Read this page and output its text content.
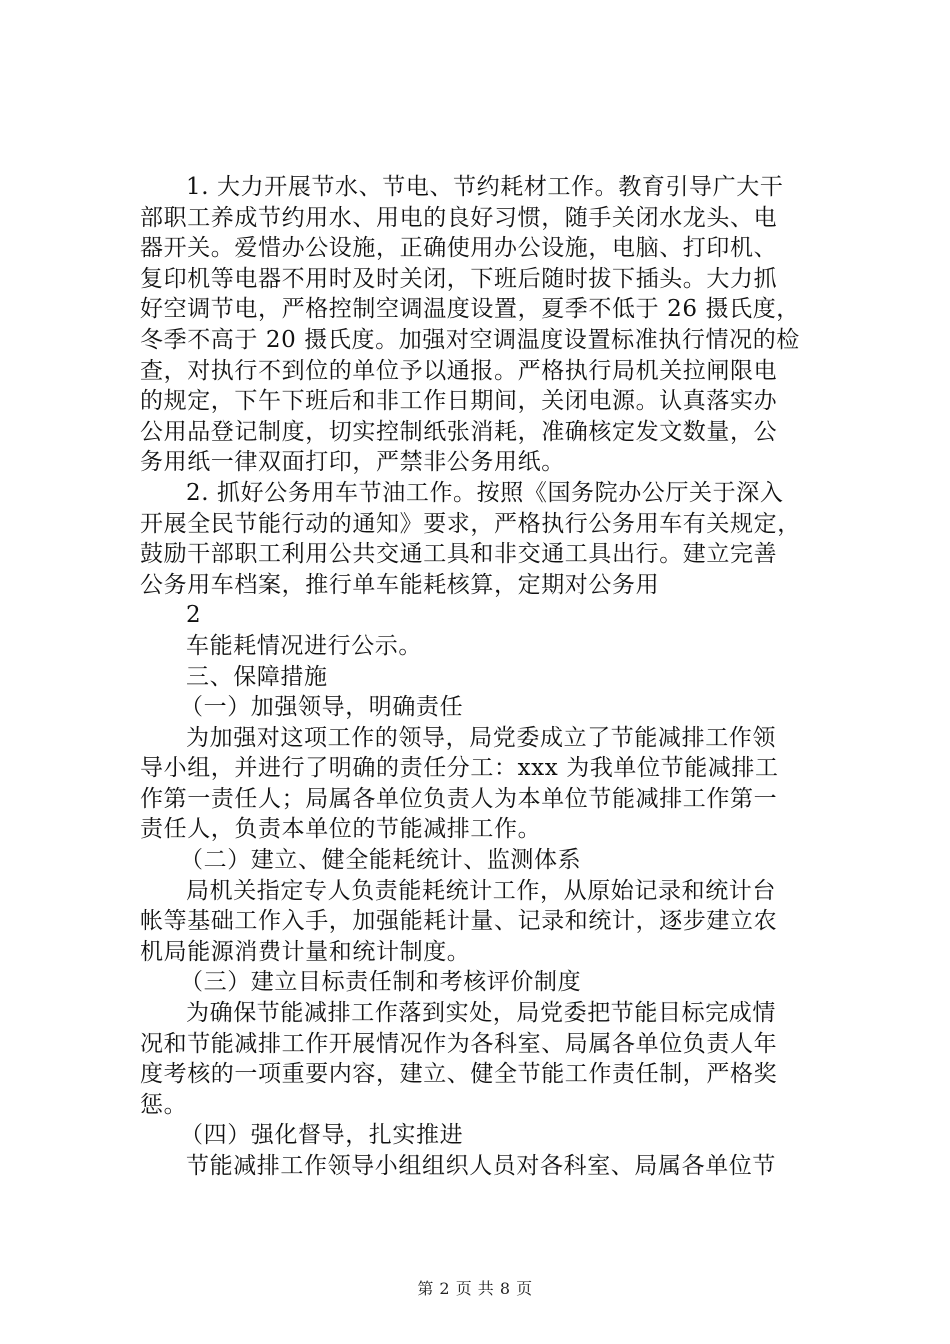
1. 大力开展节水、节电、节约耗材工作。教育引导广大干
部职工养成节约用水、用电的良好习惯，随手关闭水龙头、电
器开关。爱惜办公设施，正确使用办公设施，电脑、打印机、
复印机等电器不用时及时关闭，下班后随时拔下插头。大力抓
好空调节电，严格控制空调温度设置，夏季不低于 26 摄氏度，
冬季不高于 20 摄氏度。加强对空调温度设置标准执行情况的检
查，对执行不到位的单位予以通报。严格执行局机关拉闸限电
的规定，下午下班后和非工作日期间，关闭电源。认真落实办
公用品登记制度，切实控制纸张消耗，准确核定发文数量，公
务用纸一律双面打印，严禁非公务用纸。
2. 抓好公务用车节油工作。按照《国务院办公厅关于深入
开展全民节能行动的通知》要求，严格执行公务用车有关规定，
鼓励干部职工利用公共交通工具和非交通工具出行。建立完善
公务用车档案，推行单车能耗核算，定期对公务用
2
车能耗情况进行公示。
三、保障措施
（一）加强领导，明确责任
为加强对这项工作的领导，局党委成立了节能减排工作领
导小组，并进行了明确的责任分工：xxx 为我单位节能减排工
作第一责任人；局属各单位负责人为本单位节能减排工作第一
责任人，负责本单位的节能减排工作。
（二）建立、健全能耗统计、监测体系
局机关指定专人负责能耗统计工作，从原始记录和统计台
帐等基础工作入手，加强能耗计量、记录和统计，逐步建立农
机局能源消费计量和统计制度。
（三）建立目标责任制和考核评价制度
为确保节能减排工作落到实处，局党委把节能目标完成情
况和节能减排工作开展情况作为各科室、局属各单位负责人年
度考核的一项重要内容，建立、健全节能工作责任制，严格奖
惩。
（四）强化督导，扎实推进
节能减排工作领导小组组织人员对各科室、局属各单位节
第 2 页 共 8 页
